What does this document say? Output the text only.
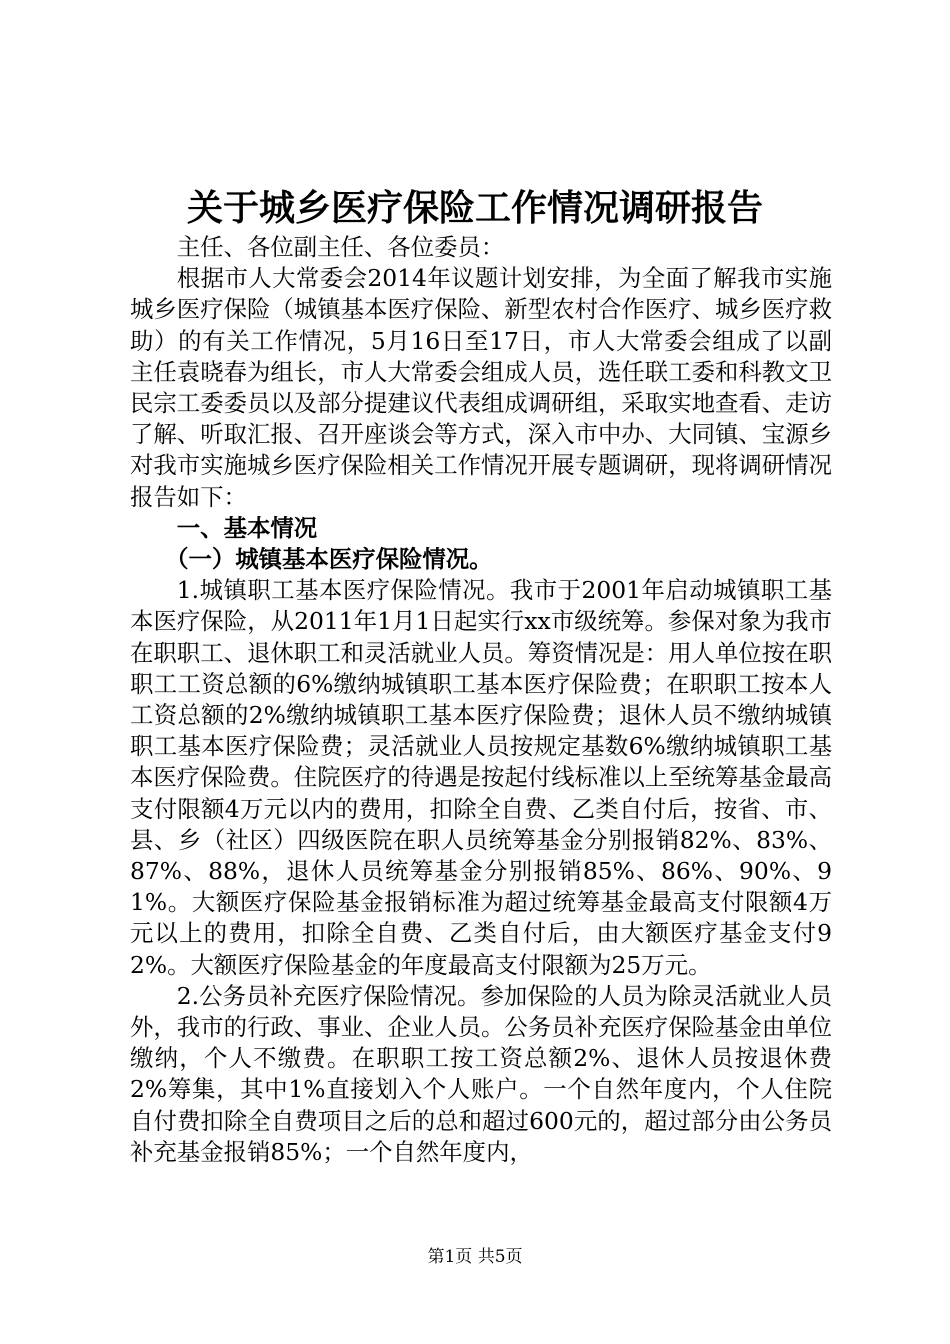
关于城乡医疗保险工作情况调研报告

主任、各位副主任、各位委员：

根据市人大常委会2014年议题计划安排，为全面了解我市实施城乡医疗保险（城镇基本医疗保险、新型农村合作医疗、城乡医疗救助）的有关工作情况，5月16日至17日，市人大常委会组成了以副主任袁晓春为组长，市人大常委会组成人员，选任联工委和科教文卫民宗工委委员以及部分提建议代表组成调研组，采取实地查看、走访了解、听取汇报、召开座谈会等方式，深入市中办、大同镇、宝源乡对我市实施城乡医疗保险相关工作情况开展专题调研，现将调研情况报告如下：

一、基本情况

（一）城镇基本医疗保险情况。

1.城镇职工基本医疗保险情况。我市于2001年启动城镇职工基本医疗保险，从2011年1月1日起实行xx市级统筹。参保对象为我市在职职工、退休职工和灵活就业人员。筹资情况是：用人单位按在职职工工资总额的6%缴纳城镇职工基本医疗保险费；在职职工按本人工资总额的2%缴纳城镇职工基本医疗保险费；退休人员不缴纳城镇职工基本医疗保险费；灵活就业人员按规定基数6%缴纳城镇职工基本医疗保险费。住院医疗的待遇是按起付线标准以上至统筹基金最高支付限额4万元以内的费用，扣除全自费、乙类自付后，按省、市、县、乡（社区）四级医院在职人员统筹基金分别报销82%、83%、87%、88%，退休人员统筹基金分别报销85%、86%、90%、91%。大额医疗保险基金报销标准为超过统筹基金最高支付限额4万元以上的费用，扣除全自费、乙类自付后，由大额医疗基金支付92%。大额医疗保险基金的年度最高支付限额为25万元。

2.公务员补充医疗保险情况。参加保险的人员为除灵活就业人员外，我市的行政、事业、企业人员。公务员补充医疗保险基金由单位缴纳，个人不缴费。在职职工按工资总额2%、退休人员按退休费2%筹集，其中1%直接划入个人账户。一个自然年度内，个人住院自付费扣除全自费项目之后的总和超过600元的，超过部分由公务员补充基金报销85%；一个自然年度内，

第1页 共5页
